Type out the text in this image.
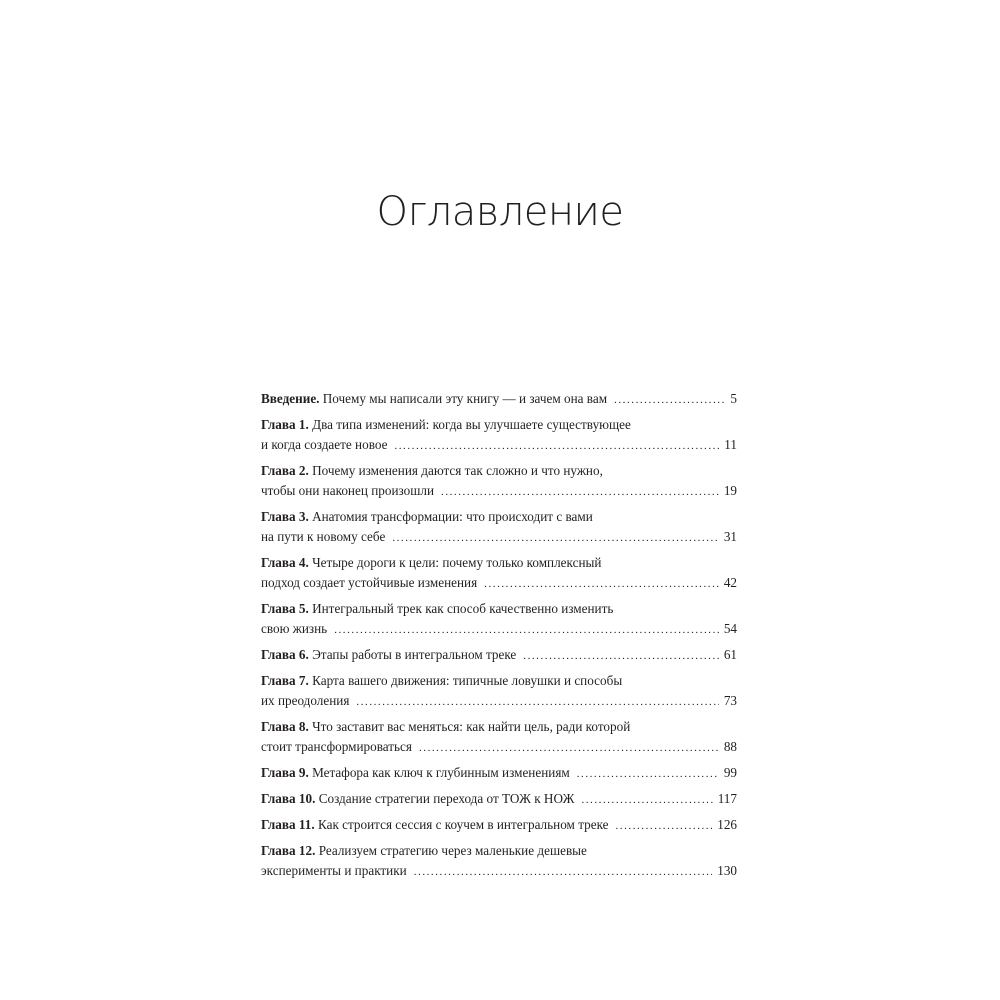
Оглавление
Введение. Почему мы написали эту книгу — и зачем она вам . . .	5
Глава 1. Два типа изменений: когда вы улучшаете существующее
и когда создаете новое . . .	11
Глава 2. Почему изменения даются так сложно и что нужно,
чтобы они наконец произошли . . .	19
Глава 3. Анатомия трансформации: что происходит с вами
на пути к новому себе . . .	31
Глава 4. Четыре дороги к цели: почему только комплексный
подход создает устойчивые изменения . . .	42
Глава 5. Интегральный трек как способ качественно изменить
свою жизнь . . .	54
Глава 6. Этапы работы в интегральном треке . . .	61
Глава 7. Карта вашего движения: типичные ловушки и способы
их преодоления . . .	73
Глава 8. Что заставит вас меняться: как найти цель, ради которой
стоит трансформироваться . . .	88
Глава 9. Метафора как ключ к глубинным изменениям . . .	99
Глава 10. Создание стратегии перехода от ТОЖ к НОЖ . . .	117
Глава 11. Как строится сессия с коучем в интегральном треке . . .	126
Глава 12. Реализуем стратегию через маленькие дешевые
эксперименты и практики . . .	130
